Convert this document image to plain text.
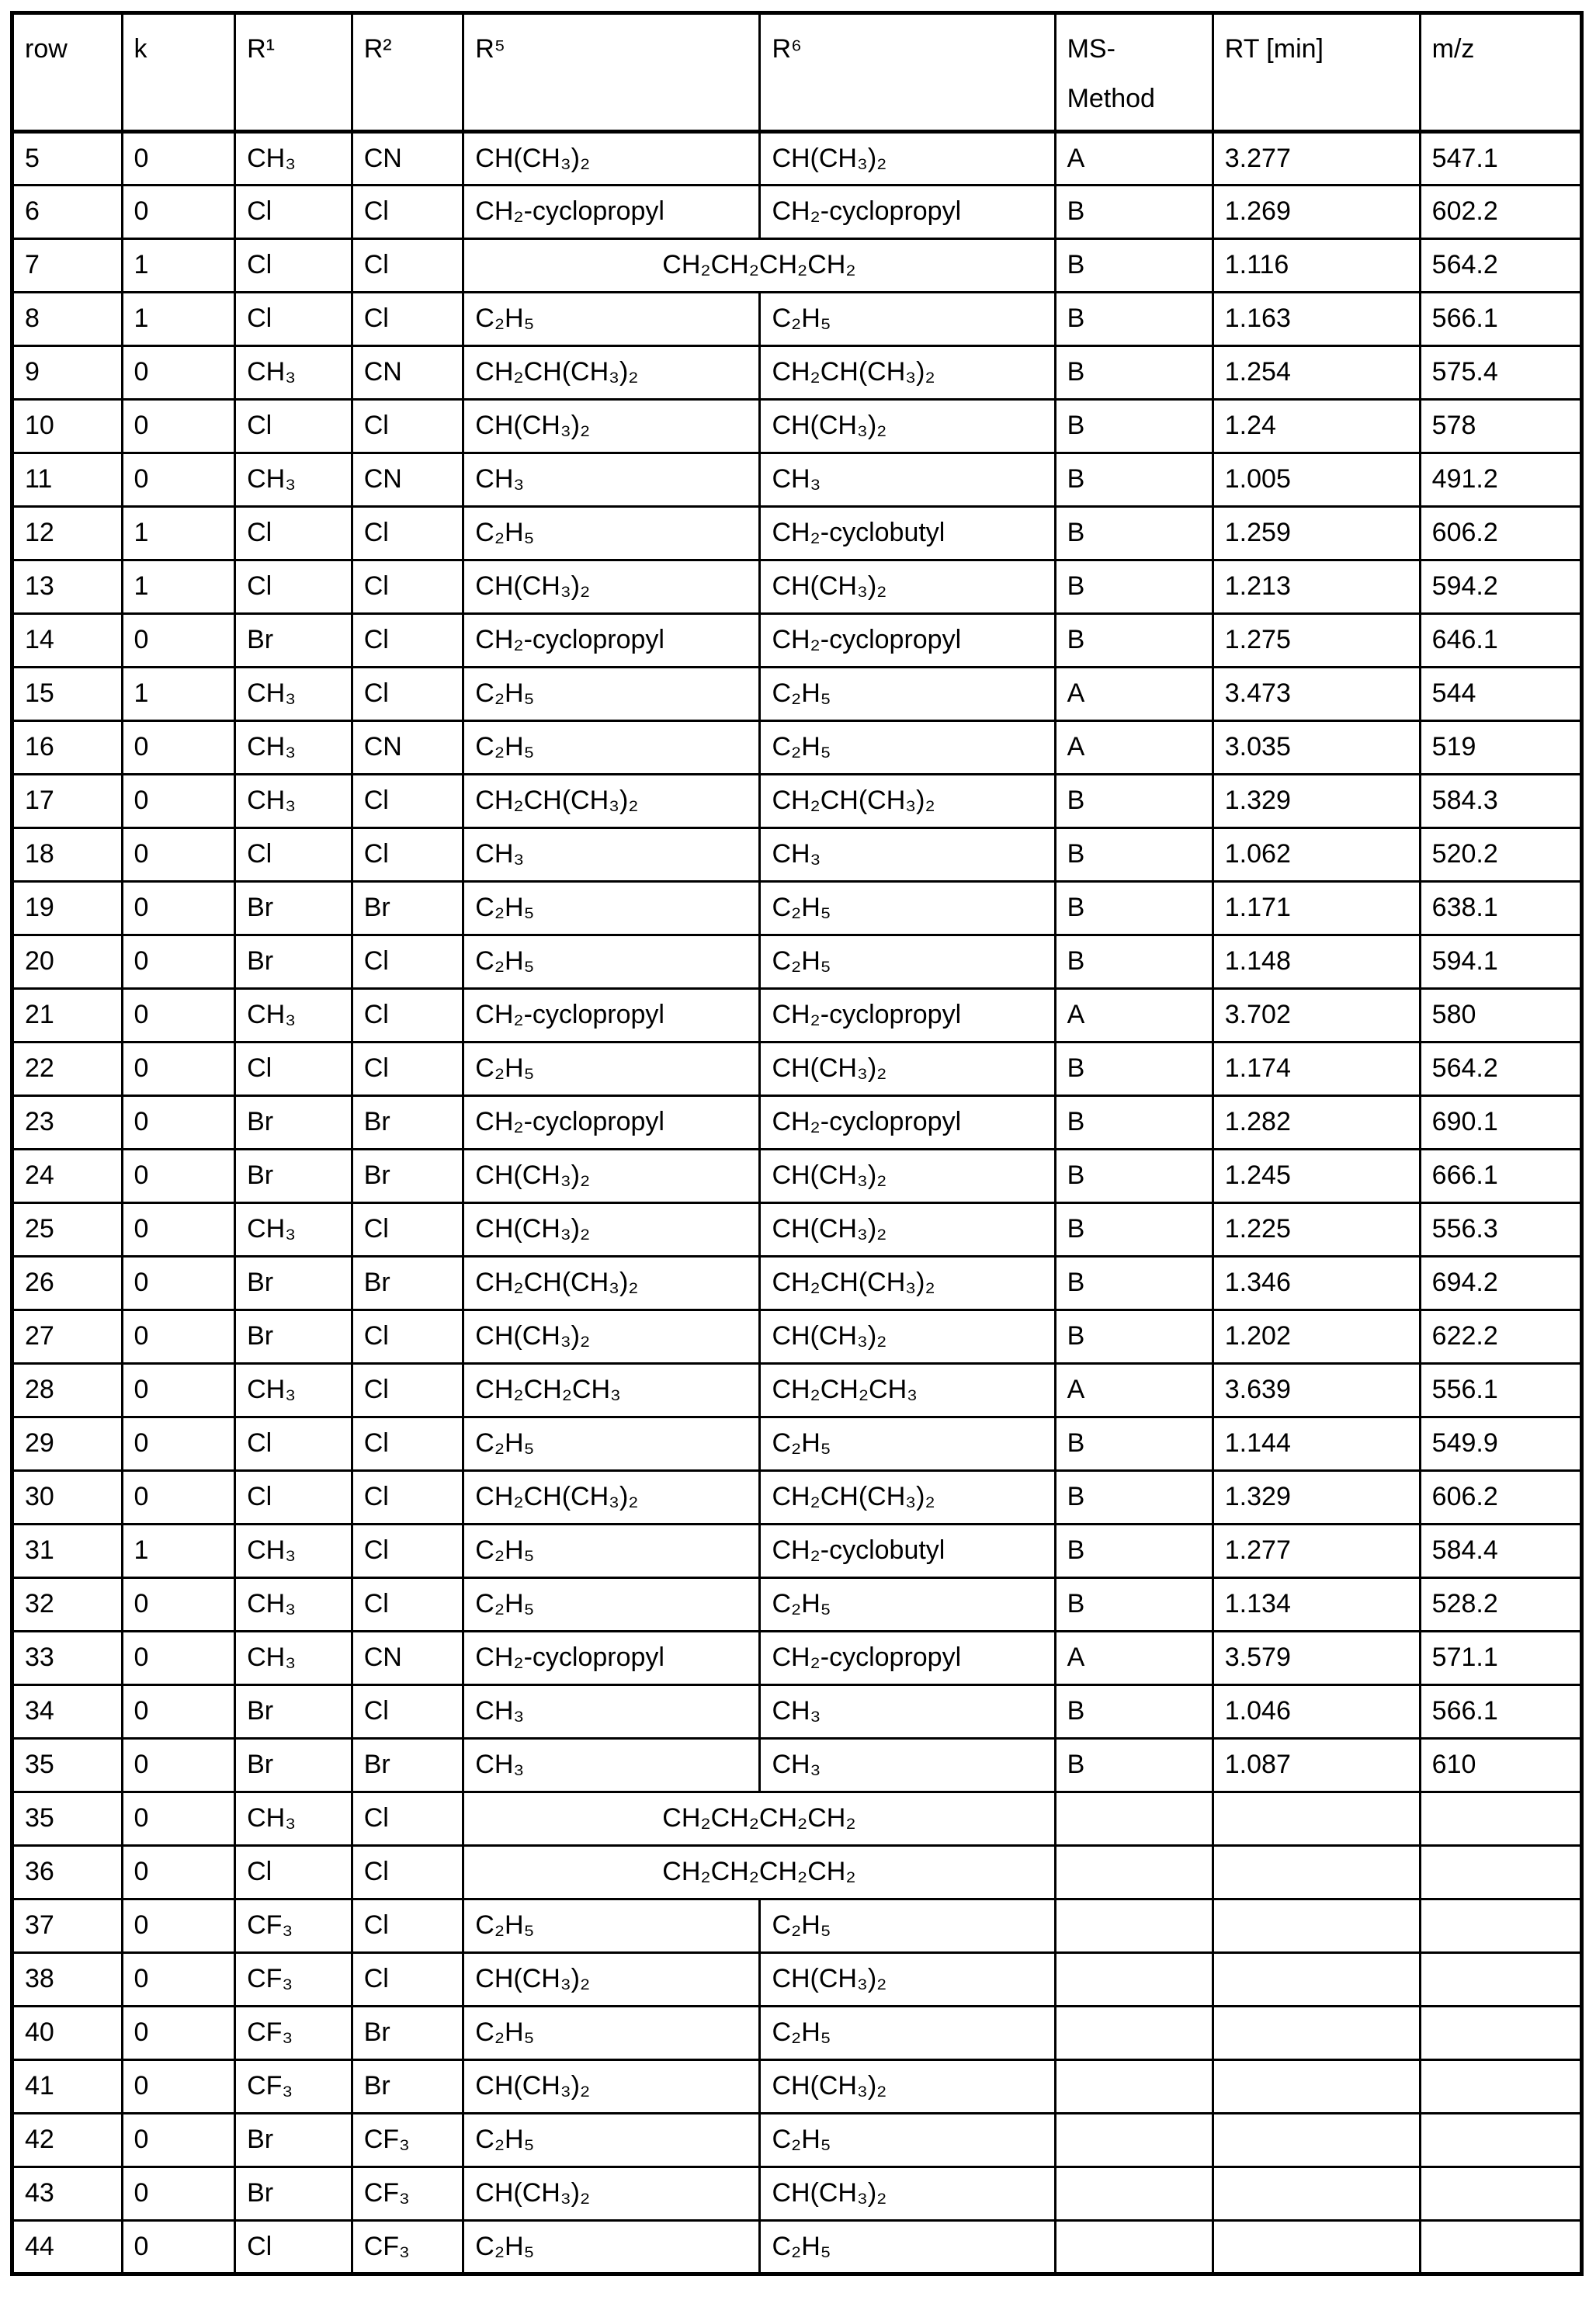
row	k	R¹	R²	R⁵	R⁶	MS-
Method	RT [min]	m/z
5	0	CH₃	CN	CH(CH₃)₂	CH(CH₃)₂	A	3.277	547.1
6	0	Cl	Cl	CH₂-cyclopropyl	CH₂-cyclopropyl	B	1.269	602.2
7	1	Cl	Cl	CH₂CH₂CH₂CH₂		B	1.116	564.2
8	1	Cl	Cl	C₂H₅	C₂H₅	B	1.163	566.1
9	0	CH₃	CN	CH₂CH(CH₃)₂	CH₂CH(CH₃)₂	B	1.254	575.4
10	0	Cl	Cl	CH(CH₃)₂	CH(CH₃)₂	B	1.24	578
11	0	CH₃	CN	CH₃	CH₃	B	1.005	491.2
12	1	Cl	Cl	C₂H₅	CH₂-cyclobutyl	B	1.259	606.2
13	1	Cl	Cl	CH(CH₃)₂	CH(CH₃)₂	B	1.213	594.2
14	0	Br	Cl	CH₂-cyclopropyl	CH₂-cyclopropyl	B	1.275	646.1
15	1	CH₃	Cl	C₂H₅	C₂H₅	A	3.473	544
16	0	CH₃	CN	C₂H₅	C₂H₅	A	3.035	519
17	0	CH₃	Cl	CH₂CH(CH₃)₂	CH₂CH(CH₃)₂	B	1.329	584.3
18	0	Cl	Cl	CH₃	CH₃	B	1.062	520.2
19	0	Br	Br	C₂H₅	C₂H₅	B	1.171	638.1
20	0	Br	Cl	C₂H₅	C₂H₅	B	1.148	594.1
21	0	CH₃	Cl	CH₂-cyclopropyl	CH₂-cyclopropyl	A	3.702	580
22	0	Cl	Cl	C₂H₅	CH(CH₃)₂	B	1.174	564.2
23	0	Br	Br	CH₂-cyclopropyl	CH₂-cyclopropyl	B	1.282	690.1
24	0	Br	Br	CH(CH₃)₂	CH(CH₃)₂	B	1.245	666.1
25	0	CH₃	Cl	CH(CH₃)₂	CH(CH₃)₂	B	1.225	556.3
26	0	Br	Br	CH₂CH(CH₃)₂	CH₂CH(CH₃)₂	B	1.346	694.2
27	0	Br	Cl	CH(CH₃)₂	CH(CH₃)₂	B	1.202	622.2
28	0	CH₃	Cl	CH₂CH₂CH₃	CH₂CH₂CH₃	A	3.639	556.1
29	0	Cl	Cl	C₂H₅	C₂H₅	B	1.144	549.9
30	0	Cl	Cl	CH₂CH(CH₃)₂	CH₂CH(CH₃)₂	B	1.329	606.2
31	1	CH₃	Cl	C₂H₅	CH₂-cyclobutyl	B	1.277	584.4
32	0	CH₃	Cl	C₂H₅	C₂H₅	B	1.134	528.2
33	0	CH₃	CN	CH₂-cyclopropyl	CH₂-cyclopropyl	A	3.579	571.1
34	0	Br	Cl	CH₃	CH₃	B	1.046	566.1
35	0	Br	Br	CH₃	CH₃	B	1.087	610
35	0	CH₃	Cl	CH₂CH₂CH₂CH₂				
36	0	Cl	Cl	CH₂CH₂CH₂CH₂				
37	0	CF₃	Cl	C₂H₅	C₂H₅			
38	0	CF₃	Cl	CH(CH₃)₂	CH(CH₃)₂			
40	0	CF₃	Br	C₂H₅	C₂H₅			
41	0	CF₃	Br	CH(CH₃)₂	CH(CH₃)₂			
42	0	Br	CF₃	C₂H₅	C₂H₅			
43	0	Br	CF₃	CH(CH₃)₂	CH(CH₃)₂			
44	0	Cl	CF₃	C₂H₅	C₂H₅			
